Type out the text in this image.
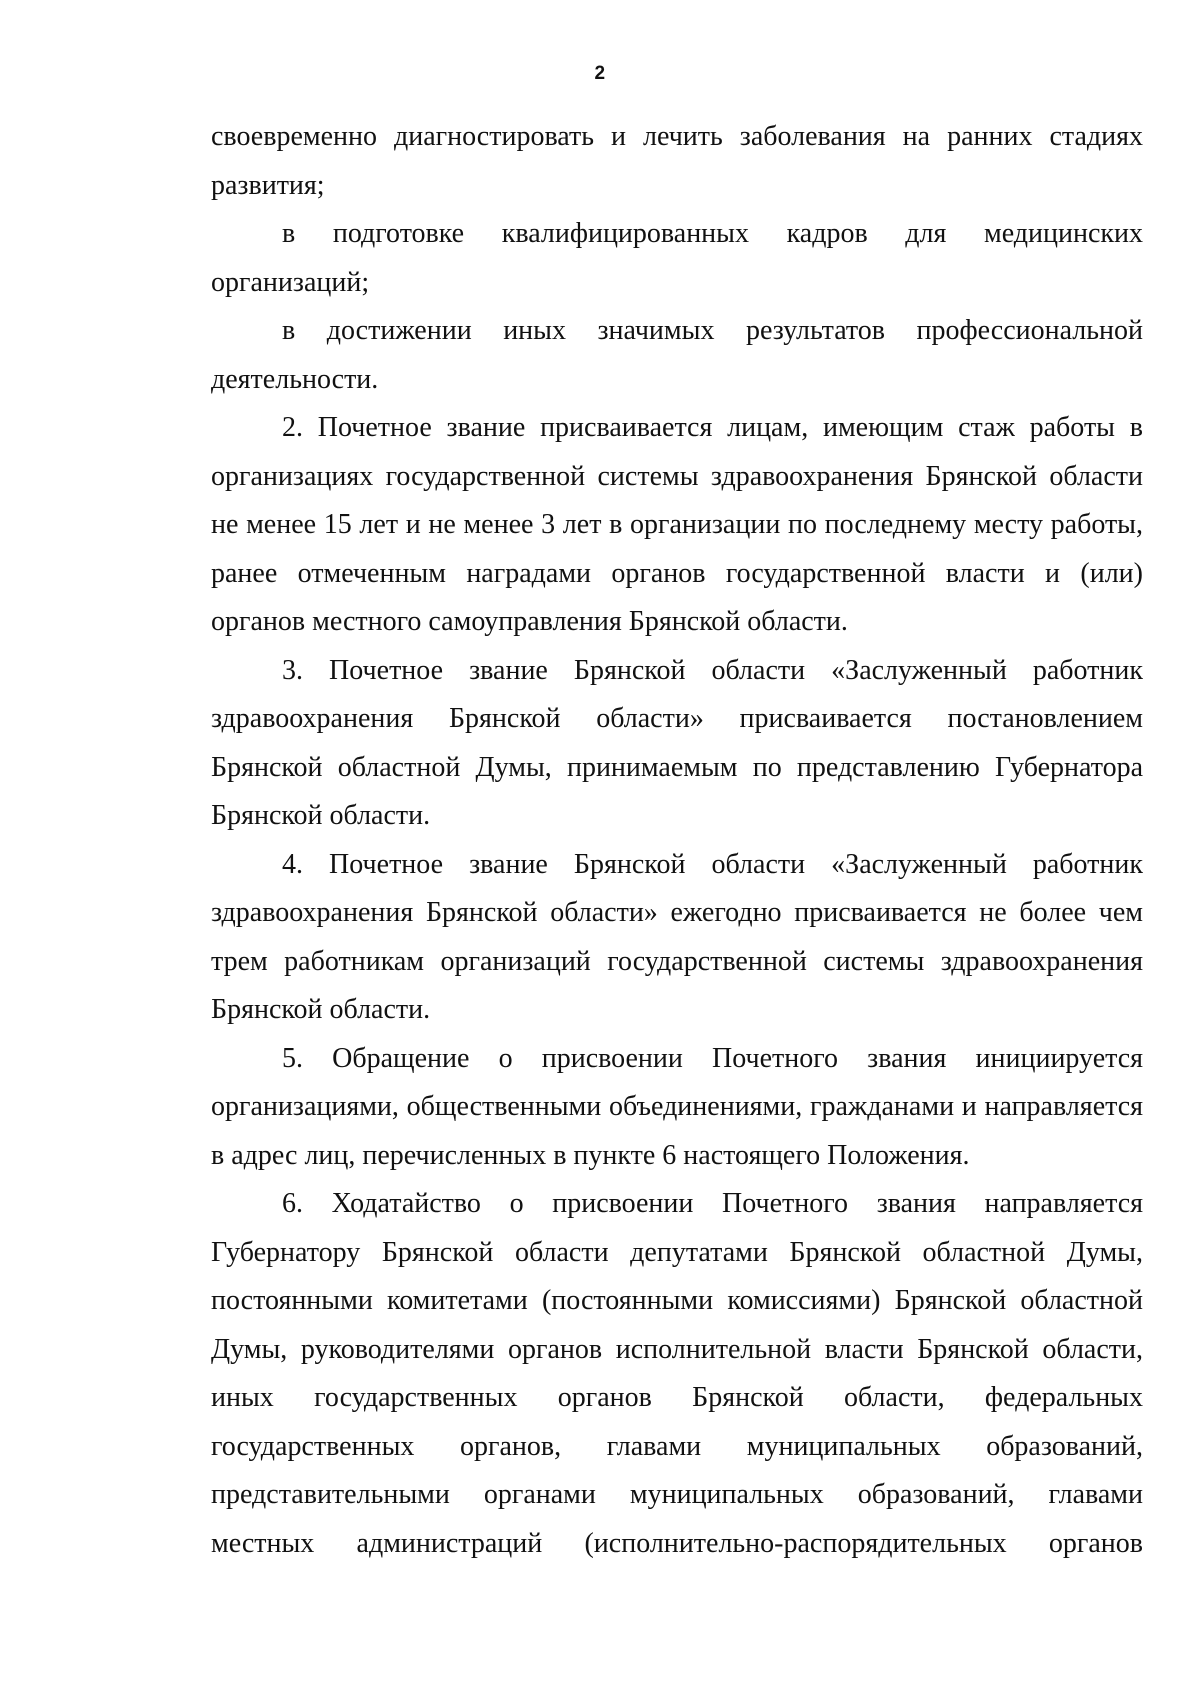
2

своевременно диагностировать и лечить заболевания на ранних стадиях развития;

в подготовке квалифицированных кадров для медицинских организаций;

в достижении иных значимых результатов профессиональной деятельности.

2. Почетное звание присваивается лицам, имеющим стаж работы в организациях государственной системы здравоохранения Брянской области не менее 15 лет и не менее 3 лет в организации по последнему месту работы, ранее отмеченным наградами органов государственной власти и (или) органов местного самоуправления Брянской области.

3. Почетное звание Брянской области «Заслуженный работник здравоохранения Брянской области» присваивается постановлением Брянской областной Думы, принимаемым по представлению Губернатора Брянской области.

4. Почетное звание Брянской области «Заслуженный работник здравоохранения Брянской области» ежегодно присваивается не более чем трем работникам организаций государственной системы здравоохранения Брянской области.

5. Обращение о присвоении Почетного звания инициируется организациями, общественными объединениями, гражданами и направляется в адрес лиц, перечисленных в пункте 6 настоящего Положения.

6. Ходатайство о присвоении Почетного звания направляется Губернатору Брянской области депутатами Брянской областной Думы, постоянными комитетами (постоянными комиссиями) Брянской областной Думы, руководителями органов исполнительной власти Брянской области, иных государственных органов Брянской области, федеральных государственных органов, главами муниципальных образований, представительными органами муниципальных образований, главами местных администраций (исполнительно-распорядительных органов
